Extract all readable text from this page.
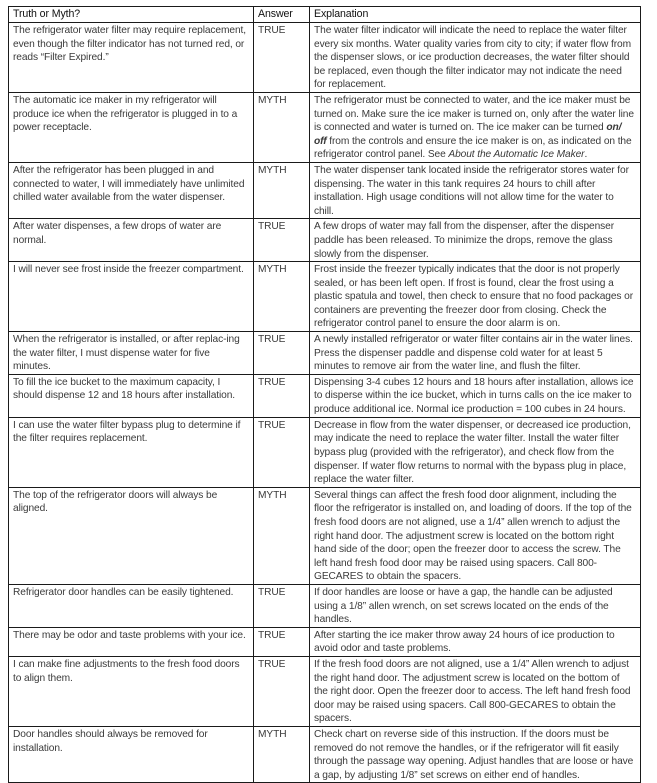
Truth or Myth?	Answer	Explanation
The refrigerator water filter may require replacement, even though the filter indicator has not turned red, or reads “Filter Expired.”	TRUE	The water filter indicator will indicate the need to replace the water filter every six months. Water quality varies from city to city; if water flow from the dispenser slows, or ice production decreases, the water filter should be replaced, even though the filter indicator may not indicate the need for replacement.
The automatic ice maker in my refrigerator will produce ice when the refrigerator is plugged in to a power receptacle.	MYTH	The refrigerator must be connected to water, and the ice maker must be turned on. Make sure the ice maker is turned on, only after the water line is connected and water is turned on. The ice maker can be turned on/ off from the controls and ensure the ice maker is on, as indicated on the refrigerator control panel. See About the Automatic Ice Maker.
After the refrigerator has been plugged in and connected to water, I will immediately have unlimited chilled water available from the water dispenser.	MYTH	The water dispenser tank located inside the refrigerator stores water for dispensing. The water in this tank requires 24 hours to chill after installation. High usage conditions will not allow time for the water to chill.
After water dispenses, a few drops of water are normal.	TRUE	A few drops of water may fall from the dispenser, after the dispenser paddle has been released. To minimize the drops, remove the glass slowly from the dispenser.
I will never see frost inside the freezer compartment.	MYTH	Frost inside the freezer typically indicates that the door is not properly sealed, or has been left open. If frost is found, clear the frost using a plastic spatula and towel, then check to ensure that no food packages or containers are preventing the freezer door from closing. Check the refrigerator control panel to ensure the door alarm is on.
When the refrigerator is installed, or after replac-ing the water filter, I must dispense water for five minutes.	TRUE	A newly installed refrigerator or water filter contains air in the water lines. Press the dispenser paddle and dispense cold water for at least 5 minutes to remove air from the water line, and flush the filter.
To fill the ice bucket to the maximum capacity, I should dispense 12 and 18 hours after installation.	TRUE	Dispensing 3-4 cubes 12 hours and 18 hours after installation, allows ice to disperse within the ice bucket, which in turns calls on the ice maker to produce additional ice. Normal ice production = 100 cubes in 24 hours.
I can use the water filter bypass plug to determine if the filter requires replacement.	TRUE	Decrease in flow from the water dispenser, or decreased ice production, may indicate the need to replace the water filter. Install the water filter bypass plug (provided with the refrigerator), and check flow from the dispenser. If water flow returns to normal with the bypass plug in place, replace the water filter.
The top of the refrigerator doors will always be aligned.	MYTH	Several things can affect the fresh food door alignment, including the floor the refrigerator is installed on, and loading of doors. If the top of the fresh food doors are not aligned, use a 1/4” allen wrench to adjust the right hand door. The adjustment screw is located on the bottom right hand side of the door; open the freezer door to access the screw. The left hand fresh food door may be raised using spacers. Call 800-GECARES to obtain the spacers.
Refrigerator door handles can be easily tightened.	TRUE	If door handles are loose or have a gap, the handle can be adjusted using a 1/8” allen wrench, on set screws located on the ends of the handles.
There may be odor and taste problems with your ice.	TRUE	After starting the ice maker throw away 24 hours of ice production to avoid odor and taste problems.
I can make fine adjustments to the fresh food doors to align them.	TRUE	If the fresh food doors are not aligned, use a 1/4” Allen wrench to adjust the right hand door. The adjustment screw is located on the bottom of the right door. Open the freezer door to access. The left hand fresh food door may be raised using spacers. Call 800-GECARES to obtain the spacers.
Door handles should always be removed for installation.	MYTH	Check chart on reverse side of this instruction. If the doors must be removed do not remove the handles, or if the refrigerator will fit easily through the passage way opening. Adjust handles that are loose or have a gap, by adjusting 1/8” set screws on either end of handles.
